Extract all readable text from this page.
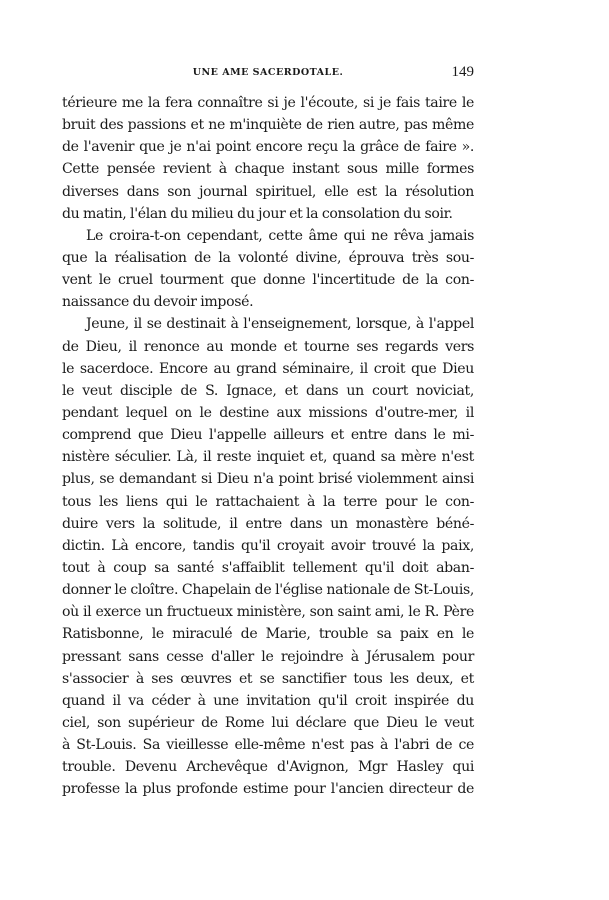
UNE AME SACERDOTALE.	149
térieure me la fera connaître si je l'écoute, si je fais taire le
bruit des passions et ne m'inquiète de rien autre, pas même
de l'avenir que je n'ai point encore reçu la grâce de faire ».
Cette pensée revient à chaque instant sous mille formes
diverses dans son journal spirituel, elle est la résolution
du matin, l'élan du milieu du jour et la consolation du soir.
Le croira-t-on cependant, cette âme qui ne rêva jamais
que la réalisation de la volonté divine, éprouva très sou-
vent le cruel tourment que donne l'incertitude de la con-
naissance du devoir imposé.
Jeune, il se destinait à l'enseignement, lorsque, à l'appel
de Dieu, il renonce au monde et tourne ses regards vers
le sacerdoce. Encore au grand séminaire, il croit que Dieu
le veut disciple de S. Ignace, et dans un court noviciat,
pendant lequel on le destine aux missions d'outre-mer, il
comprend que Dieu l'appelle ailleurs et entre dans le mi-
nistère séculier. Là, il reste inquiet et, quand sa mère n'est
plus, se demandant si Dieu n'a point brisé violemment ainsi
tous les liens qui le rattachaient à la terre pour le con-
duire vers la solitude, il entre dans un monastère béné-
dictin. Là encore, tandis qu'il croyait avoir trouvé la paix,
tout à coup sa santé s'affaiblit tellement qu'il doit aban-
donner le cloître. Chapelain de l'église nationale de St-Louis,
où il exerce un fructueux ministère, son saint ami, le R. Père
Ratisbonne, le miraculé de Marie, trouble sa paix en le
pressant sans cesse d'aller le rejoindre à Jérusalem pour
s'associer à ses œuvres et se sanctifier tous les deux, et
quand il va céder à une invitation qu'il croit inspirée du
ciel, son supérieur de Rome lui déclare que Dieu le veut
à St-Louis. Sa vieillesse elle-même n'est pas à l'abri de ce
trouble. Devenu Archevêque d'Avignon, Mgr Hasley qui
professe la plus profonde estime pour l'ancien directeur de
